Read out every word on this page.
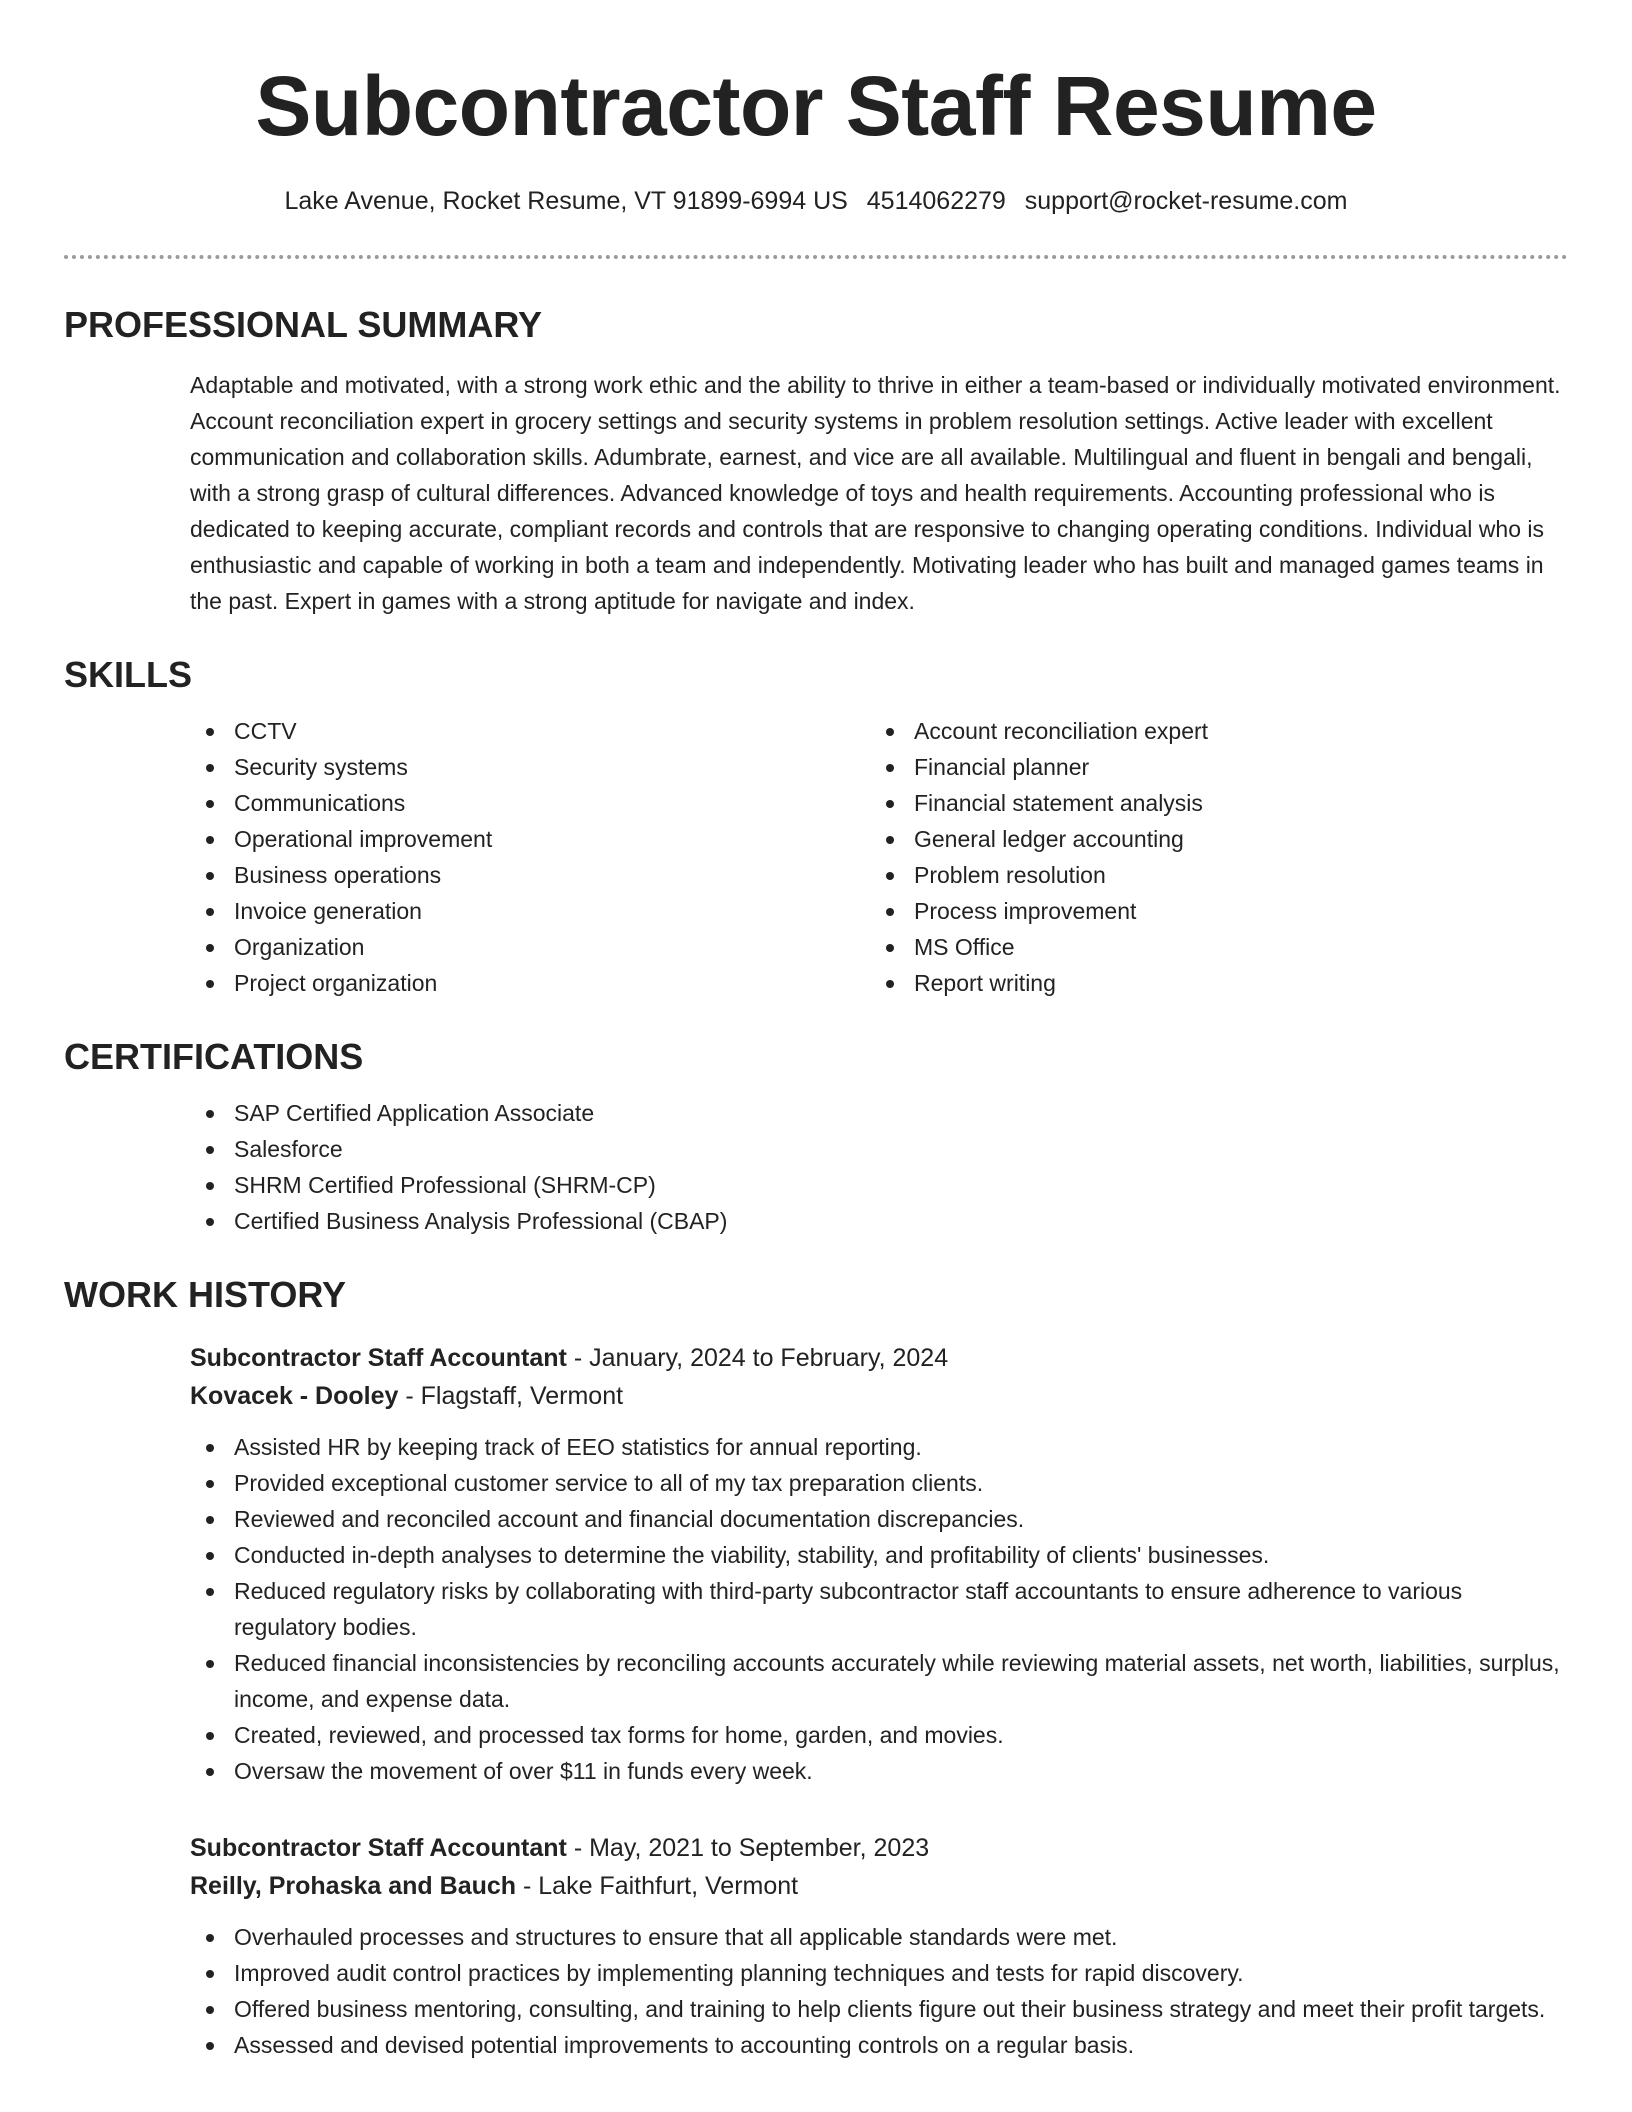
Subcontractor Staff Resume
Lake Avenue, Rocket Resume, VT 91899-6994 US 4514062279 support@rocket-resume.com
PROFESSIONAL SUMMARY
Adaptable and motivated, with a strong work ethic and the ability to thrive in either a team-based or individually motivated environment. Account reconciliation expert in grocery settings and security systems in problem resolution settings. Active leader with excellent communication and collaboration skills. Adumbrate, earnest, and vice are all available. Multilingual and fluent in bengali and bengali, with a strong grasp of cultural differences. Advanced knowledge of toys and health requirements. Accounting professional who is dedicated to keeping accurate, compliant records and controls that are responsive to changing operating conditions. Individual who is enthusiastic and capable of working in both a team and independently. Motivating leader who has built and managed games teams in the past. Expert in games with a strong aptitude for navigate and index.
SKILLS
CCTV
Security systems
Communications
Operational improvement
Business operations
Invoice generation
Organization
Project organization
Account reconciliation expert
Financial planner
Financial statement analysis
General ledger accounting
Problem resolution
Process improvement
MS Office
Report writing
CERTIFICATIONS
SAP Certified Application Associate
Salesforce
SHRM Certified Professional (SHRM-CP)
Certified Business Analysis Professional (CBAP)
WORK HISTORY
Subcontractor Staff Accountant - January, 2024 to February, 2024
Kovacek - Dooley - Flagstaff, Vermont
Assisted HR by keeping track of EEO statistics for annual reporting.
Provided exceptional customer service to all of my tax preparation clients.
Reviewed and reconciled account and financial documentation discrepancies.
Conducted in-depth analyses to determine the viability, stability, and profitability of clients' businesses.
Reduced regulatory risks by collaborating with third-party subcontractor staff accountants to ensure adherence to various regulatory bodies.
Reduced financial inconsistencies by reconciling accounts accurately while reviewing material assets, net worth, liabilities, surplus, income, and expense data.
Created, reviewed, and processed tax forms for home, garden, and movies.
Oversaw the movement of over $11 in funds every week.
Subcontractor Staff Accountant - May, 2021 to September, 2023
Reilly, Prohaska and Bauch - Lake Faithfurt, Vermont
Overhauled processes and structures to ensure that all applicable standards were met.
Improved audit control practices by implementing planning techniques and tests for rapid discovery.
Offered business mentoring, consulting, and training to help clients figure out their business strategy and meet their profit targets.
Assessed and devised potential improvements to accounting controls on a regular basis.
